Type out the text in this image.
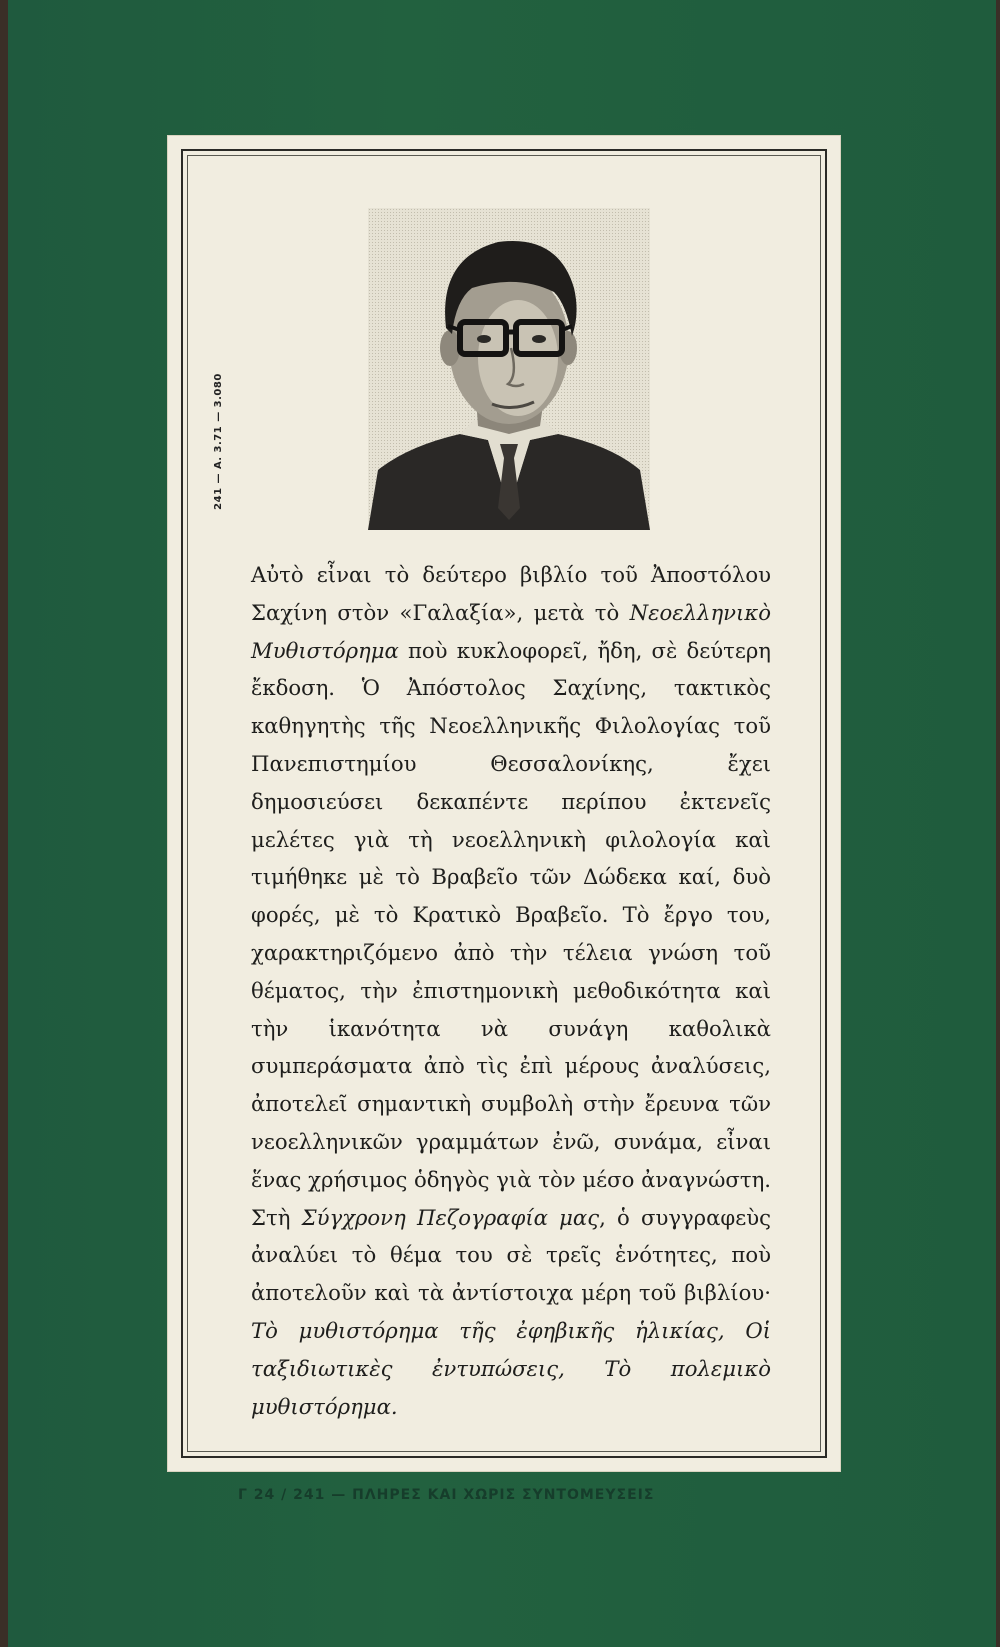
241 — Α. 3.71 — 3.080
Αὐτὸ εἶναι τὸ δεύτερο βιβλίο τοῦ Ἀποστόλου Σαχίνη στὸν «Γαλαξία», μετὰ τὸ Νεοελληνικὸ Μυθιστόρημα ποὺ κυκλοφορεῖ, ἤδη, σὲ δεύτερη ἔκδοση. Ὁ Ἀπόστολος Σαχίνης, τακτικὸς καθηγητὴς τῆς Νεοελληνικῆς Φιλολογίας τοῦ Πανεπιστημίου Θεσσαλονίκης, ἔχει δημοσιεύσει δεκαπέντε περίπου ἐκτενεῖς μελέτες γιὰ τὴ νεοελληνικὴ φιλολογία καὶ τιμήθηκε μὲ τὸ Βραβεῖο τῶν Δώδεκα καί, δυὸ φορές, μὲ τὸ Κρατικὸ Βραβεῖο. Τὸ ἔργο του, χαρακτηριζόμενο ἀπὸ τὴν τέλεια γνώση τοῦ θέματος, τὴν ἐπιστημονικὴ μεθοδικότητα καὶ τὴν ἱκανότητα νὰ συνάγη καθολικὰ συμπεράσματα ἀπὸ τὶς ἐπὶ μέρους ἀναλύσεις, ἀποτελεῖ σημαντικὴ συμβολὴ στὴν ἔρευνα τῶν νεοελληνικῶν γραμμάτων ἐνῶ, συνάμα, εἶναι ἕνας χρήσιμος ὁδηγὸς γιὰ τὸν μέσο ἀναγνώστη. Στὴ Σύγχρονη Πεζογραφία μας, ὁ συγγραφεὺς ἀναλύει τὸ θέμα του σὲ τρεῖς ἑνότητες, ποὺ ἀποτελοῦν καὶ τὰ ἀντίστοιχα μέρη τοῦ βιβλίου· Τὸ μυθιστόρημα τῆς ἐφηβικῆς ἡλικίας, Οἱ ταξιδιωτικὲς ἐντυπώσεις, Τὸ πολεμικὸ μυθιστόρημα.
Γ 24 / 241 — ΠΛΗΡΕΣ ΚΑΙ ΧΩΡΙΣ ΣΥΝΤΟΜΕΥΣΕΙΣ
